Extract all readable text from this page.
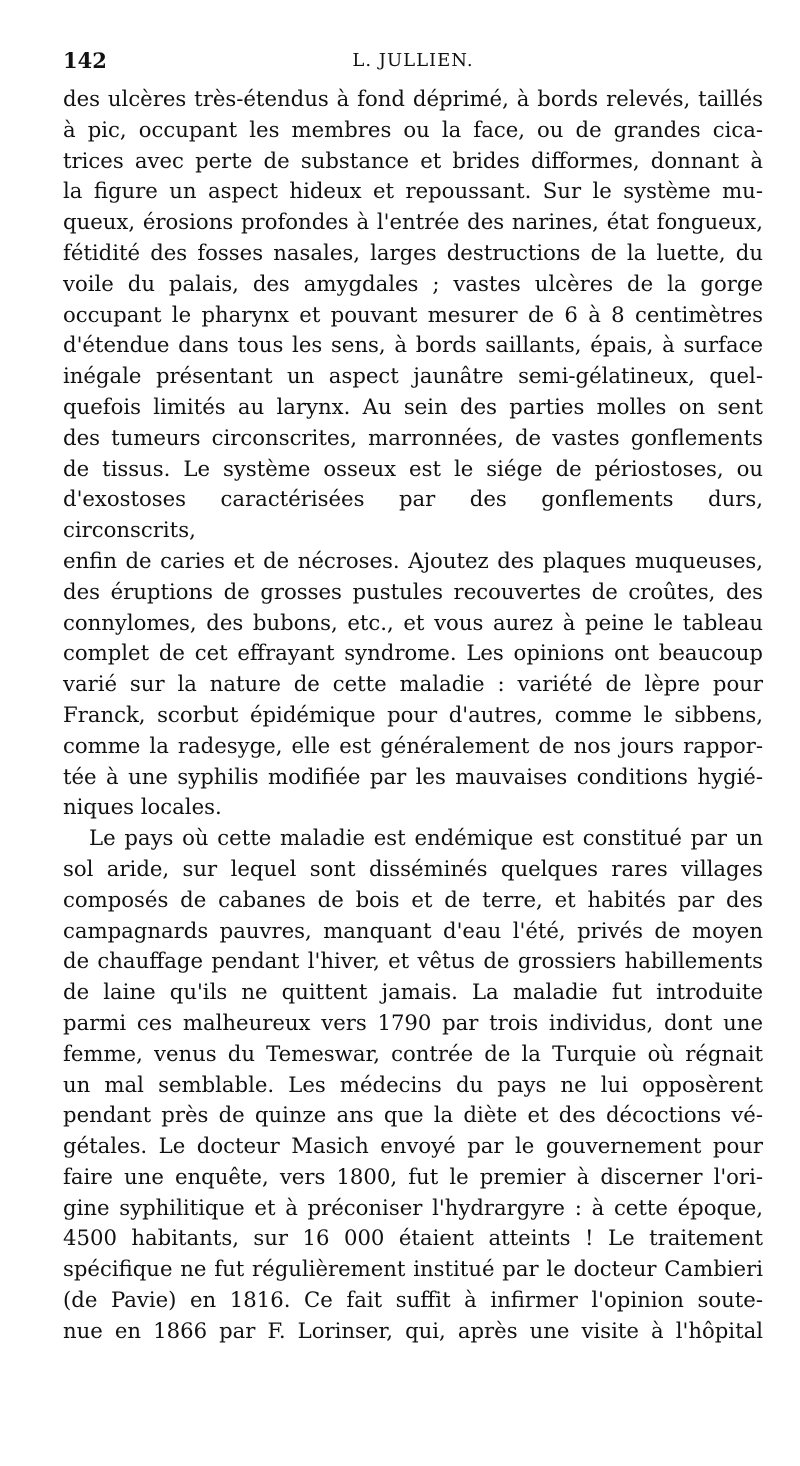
142	L. JULLIEN.

des ulcères très-étendus à fond déprimé, à bords relevés, taillés

à pic, occupant les membres ou la face, ou de grandes cica-

trices avec perte de substance et brides difformes, donnant à

la figure un aspect hideux et repoussant. Sur le système mu-

queux, érosions profondes à l'entrée des narines, état fongueux,

fétidité des fosses nasales, larges destructions de la luette, du

voile du palais, des amygdales ; vastes ulcères de la gorge

occupant le pharynx et pouvant mesurer de 6 à 8 centimètres

d'étendue dans tous les sens, à bords saillants, épais, à surface

inégale présentant un aspect jaunâtre semi-gélatineux, quel-

quefois limités au larynx. Au sein des parties molles on sent

des tumeurs circonscrites, marronnées, de vastes gonflements

de tissus. Le système osseux est le siége de périostoses, ou

d'exostoses caractérisées par des gonflements durs, circonscrits,

enfin de caries et de nécroses. Ajoutez des plaques muqueuses,

des éruptions de grosses pustules recouvertes de croûtes, des

connylomes, des bubons, etc., et vous aurez à peine le tableau

complet de cet effrayant syndrome. Les opinions ont beaucoup

varié sur la nature de cette maladie : variété de lèpre pour

Franck, scorbut épidémique pour d'autres, comme le sibbens,

comme la radesyge, elle est généralement de nos jours rappor-

tée à une syphilis modifiée par les mauvaises conditions hygié-

niques locales.

Le pays où cette maladie est endémique est constitué par un

sol aride, sur lequel sont disséminés quelques rares villages

composés de cabanes de bois et de terre, et habités par des

campagnards pauvres, manquant d'eau l'été, privés de moyen

de chauffage pendant l'hiver, et vêtus de grossiers habillements

de laine qu'ils ne quittent jamais. La maladie fut introduite

parmi ces malheureux vers 1790 par trois individus, dont une

femme, venus du Temeswar, contrée de la Turquie où régnait

un mal semblable. Les médecins du pays ne lui opposèrent

pendant près de quinze ans que la diète et des décoctions vé-

gétales. Le docteur Masich envoyé par le gouvernement pour

faire une enquête, vers 1800, fut le premier à discerner l'ori-

gine syphilitique et à préconiser l'hydrargyre : à cette époque,

4500 habitants, sur 16 000 étaient atteints ! Le traitement

spécifique ne fut régulièrement institué par le docteur Cambieri

(de Pavie) en 1816. Ce fait suffit à infirmer l'opinion soute-

nue en 1866 par F. Lorinser, qui, après une visite à l'hôpital
